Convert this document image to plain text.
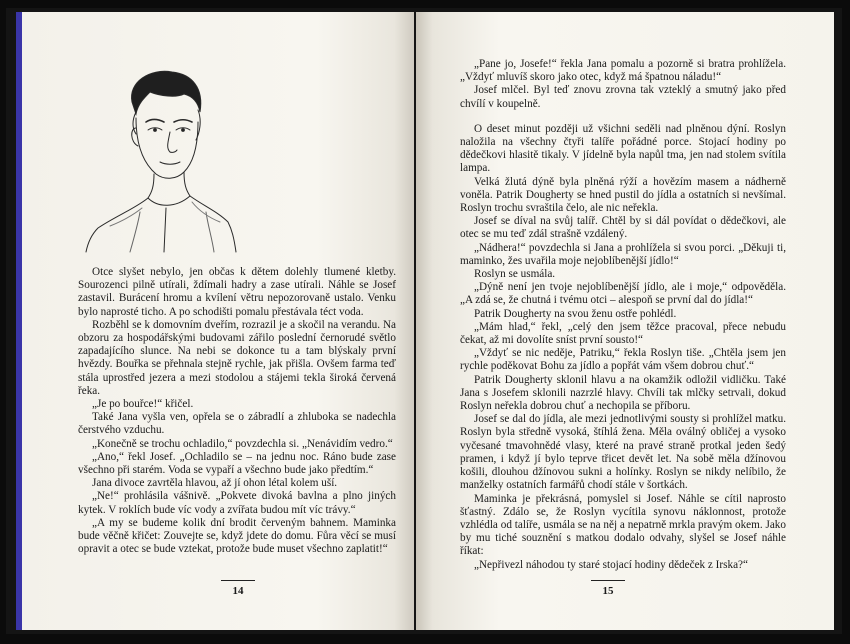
Otce slyšet nebylo, jen občas k dětem dolehly tlumené kletby. Sourozenci pilně utírali, ždímali hadry a zase utírali. Náhle se Josef zastavil. Burácení hromu a kvílení větru nepozorovaně ustalo. Venku bylo naprosté ticho. A po schodišti pomalu přestávala téct voda.

Rozběhl se k domovním dveřím, rozrazil je a skočil na verandu. Na obzoru za hospodářskými budovami zářilo poslední černorudé světlo zapadajícího slunce. Na nebi se dokonce tu a tam blýskaly první hvězdy. Bouřka se přehnala stejně rychle, jak přišla. Ovšem farma teď stála uprostřed jezera a mezi stodolou a stájemi tekla široká červená řeka.

„Je po bouřce!“ křičel.

Také Jana vyšla ven, opřela se o zábradlí a zhluboka se nadechla čerstvého vzduchu.

„Konečně se trochu ochladilo,“ povzdechla si. „Nenávidím vedro.“

„Ano,“ řekl Josef. „Ochladilo se – na jednu noc. Ráno bude zase všechno při starém. Voda se vypaří a všechno bude jako předtím.“

Jana divoce zavrtěla hlavou, až jí ohon létal kolem uší.

„Ne!“ prohlásila vášnivě. „Pokvete divoká bavlna a plno jiných kytek. V roklích bude víc vody a zvířata budou mít víc trávy.“

„A my se budeme kolik dní brodit červeným bahnem. Maminka bude věčně křičet: Zouvejte se, když jdete do domu. Fůra věcí se musí opravit a otec se bude vztekat, protože bude muset všechno zaplatit!“

14

„Pane jo, Josefe!“ řekla Jana pomalu a pozorně si bratra prohlížela. „Vždyť mluvíš skoro jako otec, když má špatnou náladu!“

Josef mlčel. Byl teď znovu zrovna tak vzteklý a smutný jako před chvílí v koupelně.

O deset minut později už všichni seděli nad plněnou dýní. Roslyn naložila na všechny čtyři talíře pořádné porce. Stojací hodiny po dědečkovi hlasitě tikaly. V jídelně byla napůl tma, jen nad stolem svítila lampa.

Velká žlutá dýně byla plněná rýží a hovězím masem a nádherně voněla. Patrik Dougherty se hned pustil do jídla a ostatních si nevšímal. Roslyn trochu svraštila čelo, ale nic neřekla.

Josef se díval na svůj talíř. Chtěl by si dál povídat o dědečkovi, ale otec se mu teď zdál strašně vzdálený.

„Nádhera!“ povzdechla si Jana a prohlížela si svou porci. „Děkuji ti, maminko, žes uvařila moje nejoblíbenější jídlo!“

Roslyn se usmála.

„Dýně není jen tvoje nejoblíbenější jídlo, ale i moje,“ odpověděla. „A zdá se, že chutná i tvému otci – alespoň se první dal do jídla!“

Patrik Dougherty na svou ženu ostře pohlédl.

„Mám hlad,“ řekl, „celý den jsem těžce pracoval, přece nebudu čekat, až mi dovolíte sníst první sousto!“

„Vždyť se nic neděje, Patriku,“ řekla Roslyn tiše. „Chtěla jsem jen rychle poděkovat Bohu za jídlo a popřát vám všem dobrou chuť.“

Patrik Dougherty sklonil hlavu a na okamžik odložil vidličku. Také Jana s Josefem sklonili nazrzlé hlavy. Chvíli tak mlčky setrvali, dokud Roslyn neřekla dobrou chuť a nechopila se příboru.

Josef se dal do jídla, ale mezi jednotlivými sousty si prohlížel matku. Roslyn byla středně vysoká, štíhlá žena. Měla oválný obličej a vysoko vyčesané tmavohnědé vlasy, které na pravé straně protkal jeden šedý pramen, i když jí bylo teprve třicet devět let. Na sobě měla džínovou košili, dlouhou džínovou sukni a holínky. Roslyn se nikdy nelíbilo, že manželky ostatních farmářů chodí stále v šortkách.

Maminka je překrásná, pomyslel si Josef. Náhle se cítil naprosto šťastný. Zdálo se, že Roslyn vycítila synovu náklonnost, protože vzhlédla od talíře, usmála se na něj a nepatrně mrkla pravým okem. Jako by mu tiché souznění s matkou dodalo odvahy, slyšel se Josef náhle říkat:

„Nepřivezl náhodou ty staré stojací hodiny dědeček z Irska?“

15
